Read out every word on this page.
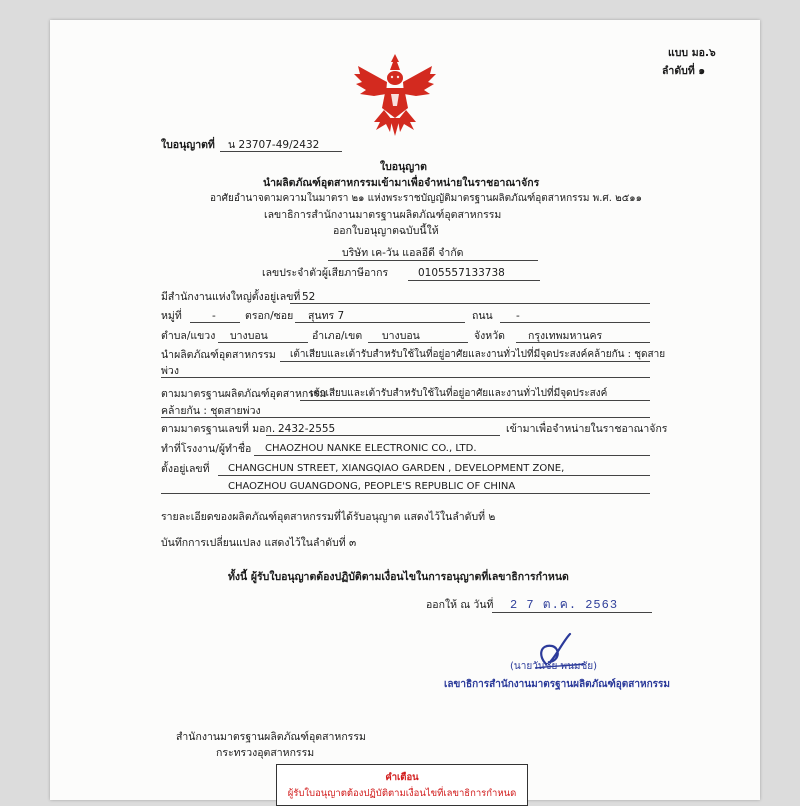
แบบ มอ.๖
ลำดับที่ ๑
ใบอนุญาตที่ น 23707-49/2432
ใบอนุญาต
นำผลิตภัณฑ์อุตสาหกรรมเข้ามาเพื่อจำหน่ายในราชอาณาจักร
อาศัยอำนาจตามความในมาตรา ๒๑ แห่งพระราชบัญญัติมาตรฐานผลิตภัณฑ์อุตสาหกรรม พ.ศ. ๒๕๑๑
เลขาธิการสำนักงานมาตรฐานผลิตภัณฑ์อุตสาหกรรม
ออกใบอนุญาตฉบับนี้ให้
บริษัท เค-วัน แอลอีดี จำกัด
เลขประจำตัวผู้เสียภาษีอากร	0105557133738
มีสำนักงานแห่งใหญ่ตั้งอยู่เลขที่ 52
หมู่ที่	-	ตรอก/ซอย สุนทร 7	ถนน -
ตำบล/แขวง บางบอน	อำเภอ/เขต บางบอน	จังหวัด กรุงเทพมหานคร
นำผลิตภัณฑ์อุตสาหกรรม เต้าเสียบและเต้ารับสำหรับใช้ในที่อยู่อาศัยและงานทั่วไปที่มีจุดประสงค์คล้ายกัน : ชุดสาย
พ่วง
ตามมาตรฐานผลิตภัณฑ์อุตสาหกรรม
เต้าเสียบและเต้ารับสำหรับใช้ในที่อยู่อาศัยและงานทั่วไปที่มีจุดประสงค์
คล้ายกัน : ชุดสายพ่วง
ตามมาตรฐานเลขที่ มอก. 2432-2555	เข้ามาเพื่อจำหน่ายในราชอาณาจักร
ทำที่โรงงาน/ผู้ทำชื่อ CHAOZHOU NANKE ELECTRONIC CO., LTD.
ตั้งอยู่เลขที่ CHANGCHUN STREET, XIANGQIAO GARDEN , DEVELOPMENT ZONE,
CHAOZHOU GUANGDONG, PEOPLE'S REPUBLIC OF CHINA
รายละเอียดของผลิตภัณฑ์อุตสาหกรรมที่ได้รับอนุญาต แสดงไว้ในลำดับที่ ๒
บันทึกการเปลี่ยนแปลง แสดงไว้ในลำดับที่ ๓
ทั้งนี้ ผู้รับใบอนุญาตต้องปฏิบัติตามเงื่อนไขในการอนุญาตที่เลขาธิการกำหนด
ออกให้ ณ วันที่ 2 7 ต.ค. 2563
(นายวันชัย พนมชัย)
เลขาธิการสำนักงานมาตรฐานผลิตภัณฑ์อุตสาหกรรม
สำนักงานมาตรฐานผลิตภัณฑ์อุตสาหกรรม
กระทรวงอุตสาหกรรม
คำเตือน
ผู้รับใบอนุญาตต้องปฏิบัติตามเงื่อนไขที่เลขาธิการกำหนด
